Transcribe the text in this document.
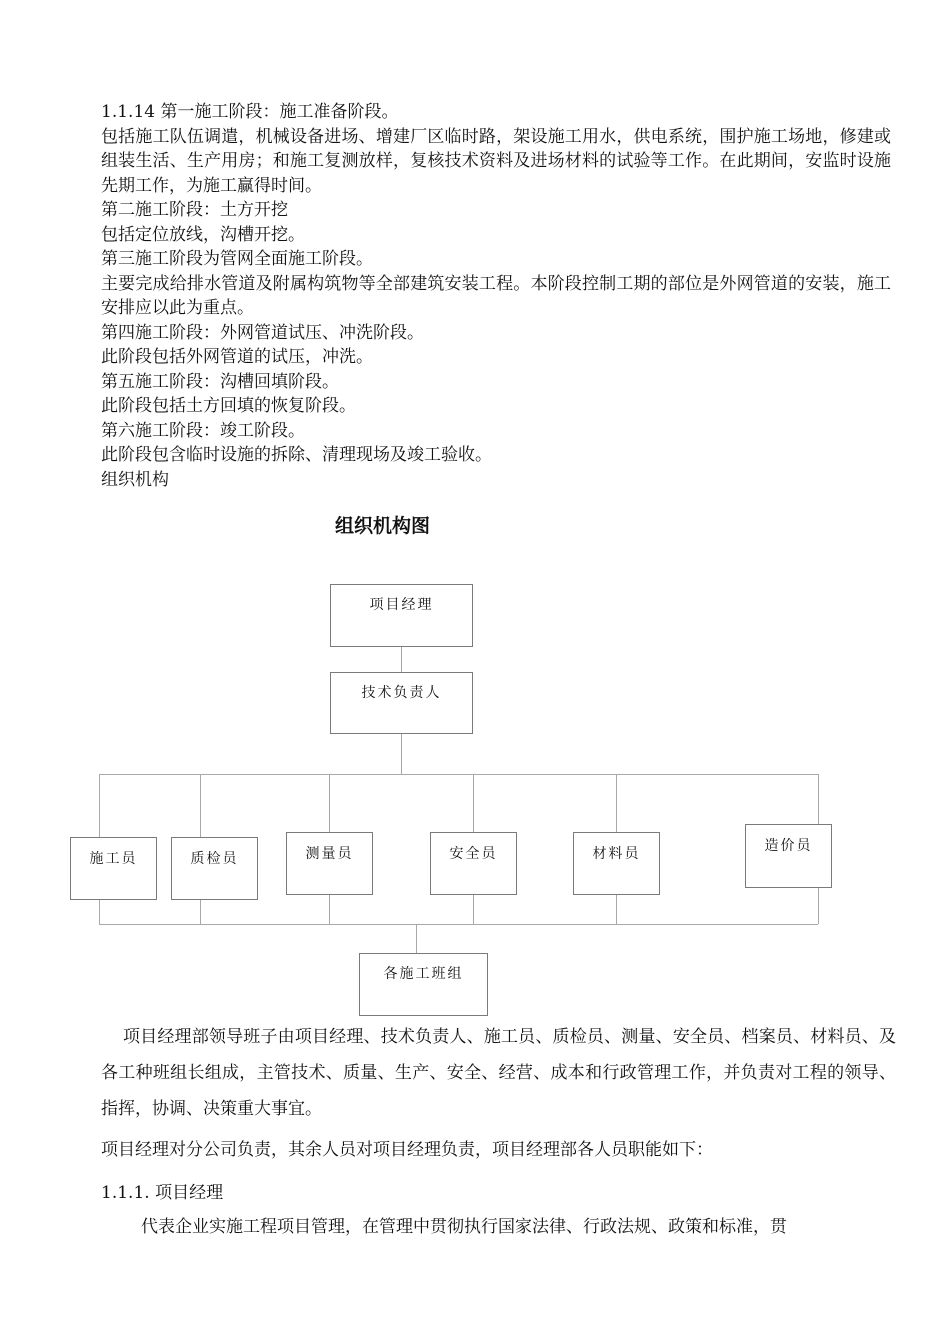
1.1.14 第一施工阶段：施工准备阶段。
包括施工队伍调遣，机械设备进场、增建厂区临时路，架设施工用水，供电系统，围护施工场地，修建或组装生活、生产用房；和施工复测放样，复核技术资料及进场材料的试验等工作。在此期间，安监时设施先期工作，为施工赢得时间。
第二施工阶段：土方开挖
包括定位放线，沟槽开挖。
第三施工阶段为管网全面施工阶段。
主要完成给排水管道及附属构筑物等全部建筑安装工程。本阶段控制工期的部位是外网管道的安装，施工安排应以此为重点。
第四施工阶段：外网管道试压、冲洗阶段。
此阶段包括外网管道的试压，冲洗。
第五施工阶段：沟槽回填阶段。
此阶段包括土方回填的恢复阶段。
第六施工阶段：竣工阶段。
此阶段包含临时设施的拆除、清理现场及竣工验收。
组织机构
组织机构图
项目经理
技术负责人
施工员	质检员	测量员	安全员	材料员	造价员
各施工班组

项目经理部领导班子由项目经理、技术负责人、施工员、质检员、测量、安全员、档案员、材料员、及各工种班组长组成，主管技术、质量、生产、安全、经营、成本和行政管理工作，并负责对工程的领导、指挥，协调、决策重大事宜。

项目经理对分公司负责，其余人员对项目经理负责，项目经理部各人员职能如下：

1.1.1. 项目经理

代表企业实施工程项目管理，在管理中贯彻执行国家法律、行政法规、政策和标准，贯
